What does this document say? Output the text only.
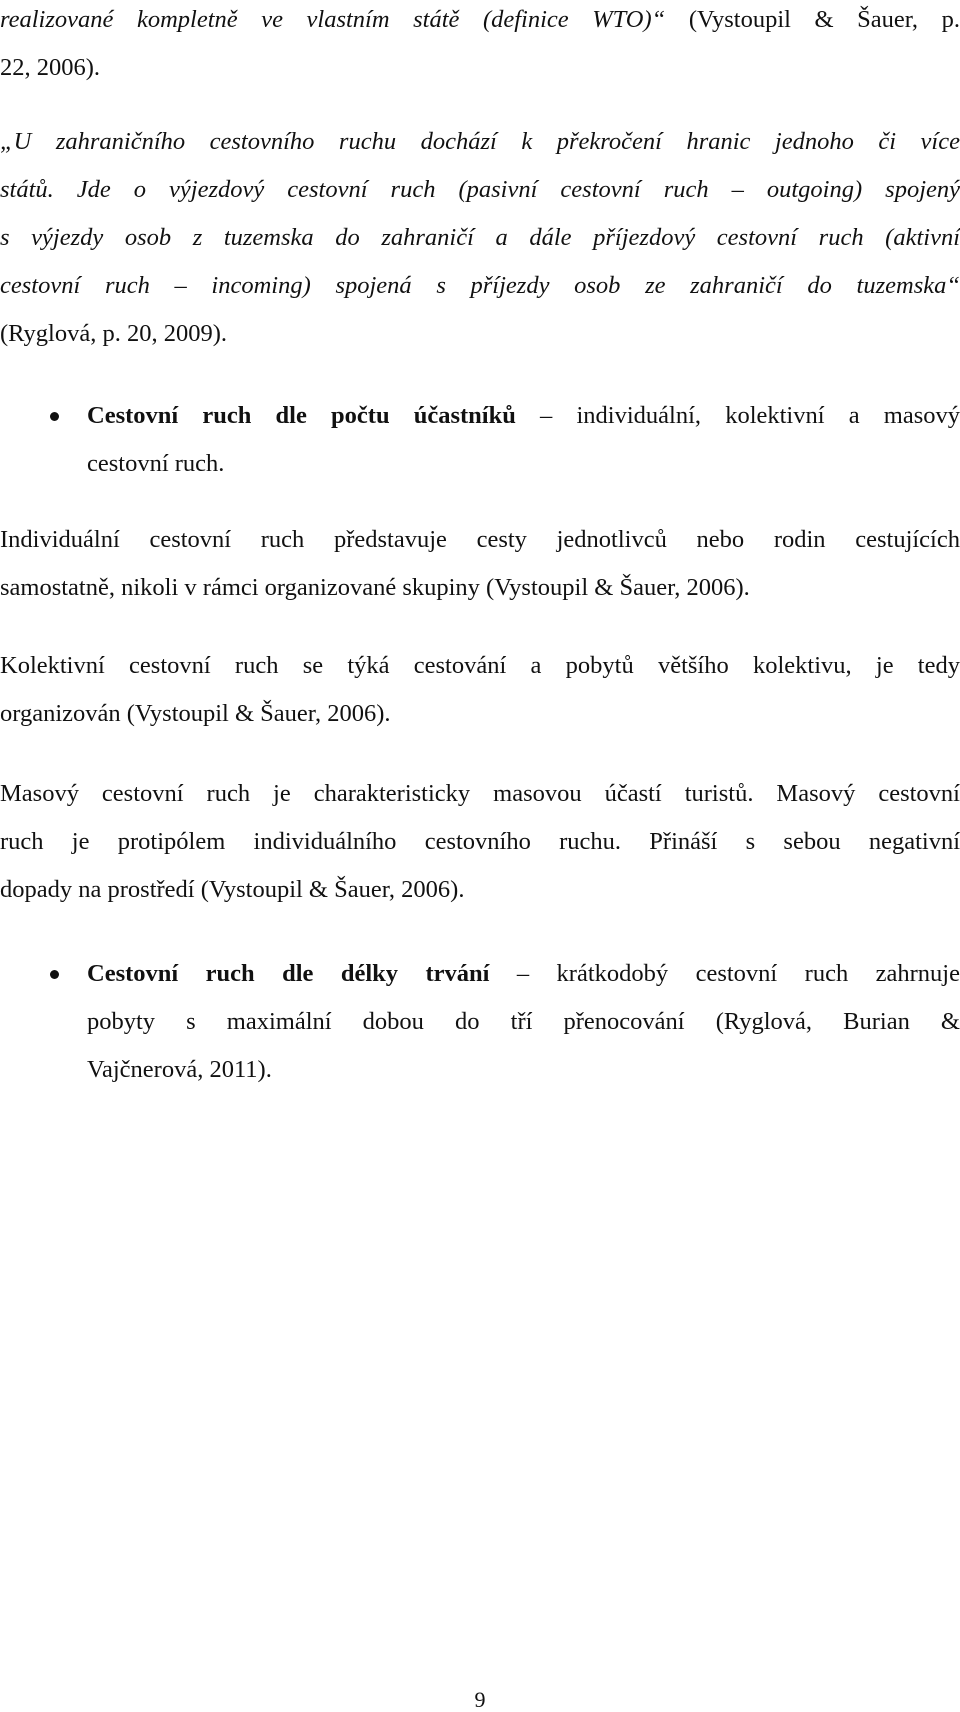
realizované kompletně ve vlastním státě (definice WTO)“ (Vystoupil & Šauer, p.
22, 2006).
„U zahraničního cestovního ruchu dochází k překročení hranic jednoho či více
států. Jde o výjezdový cestovní ruch (pasivní cestovní ruch – outgoing) spojený
s výjezdy osob z tuzemska do zahraničí a dále příjezdový cestovní ruch (aktivní
cestovní ruch – incoming) spojená s příjezdy osob ze zahraničí do tuzemska“
(Ryglová, p. 20, 2009).
Cestovní ruch dle počtu účastníků – individuální, kolektivní a masový
cestovní ruch.
Individuální cestovní ruch představuje cesty jednotlivců nebo rodin cestujících
samostatně, nikoli v rámci organizované skupiny (Vystoupil & Šauer, 2006).
Kolektivní cestovní ruch se týká cestování a pobytů většího kolektivu, je tedy
organizován (Vystoupil & Šauer, 2006).
Masový cestovní ruch je charakteristicky masovou účastí turistů. Masový cestovní
ruch je protipólem individuálního cestovního ruchu. Přináší s sebou negativní
dopady na prostředí (Vystoupil & Šauer, 2006).
Cestovní ruch dle délky trvání – krátkodobý cestovní ruch zahrnuje
pobyty s maximální dobou do tří přenocování (Ryglová, Burian &
Vajčnerová, 2011).
9
